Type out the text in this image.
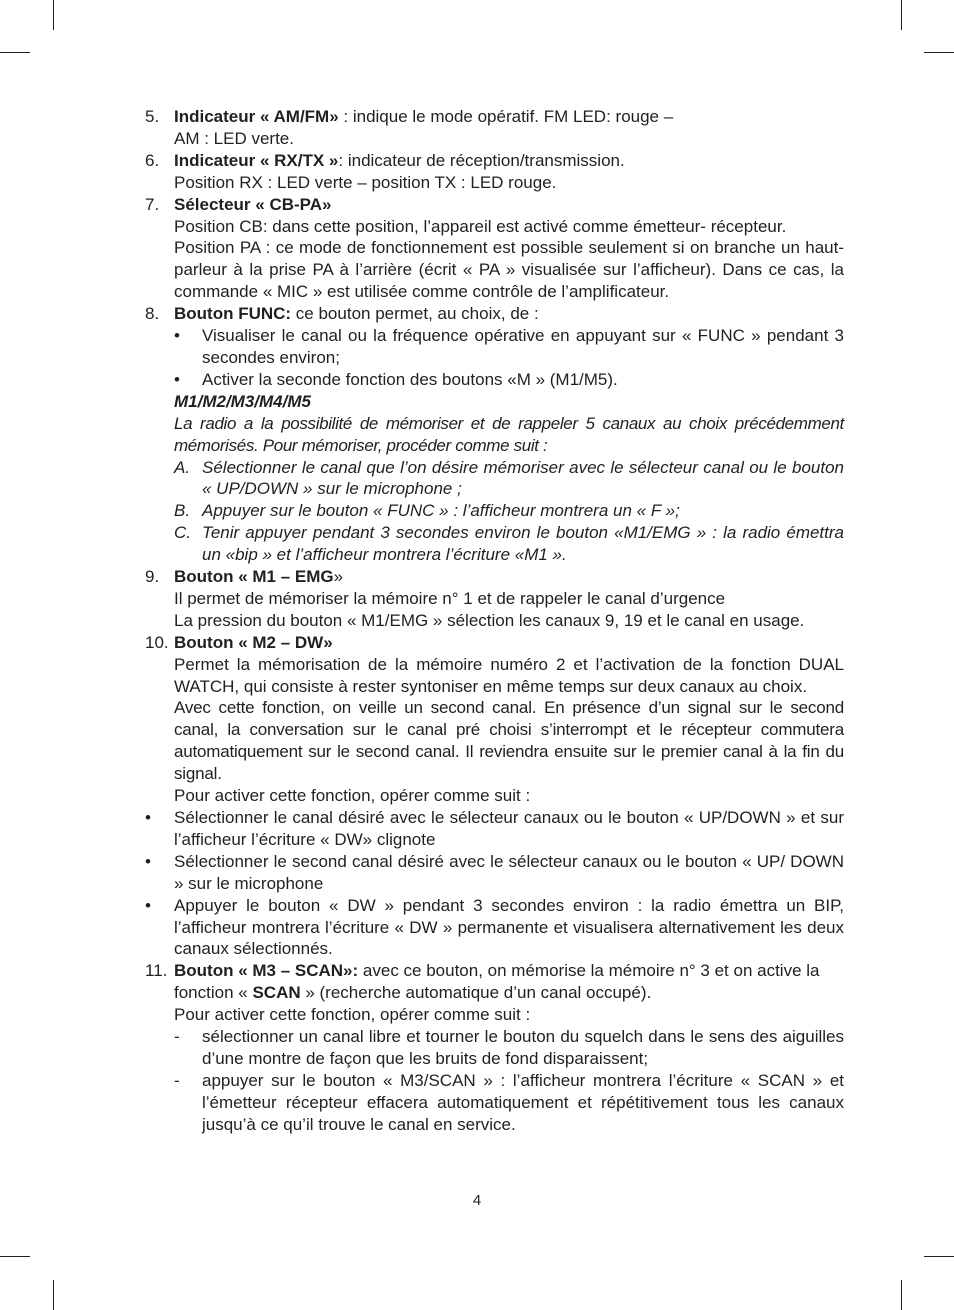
5. Indicateur « AM/FM» : indique le mode opératif. FM LED: rouge –

AM : LED verte.

6. Indicateur « RX/TX »: indicateur de réception/transmission.

Position RX : LED verte – position TX : LED rouge.

7. Sélecteur « CB-PA»

Position CB: dans cette position, l’appareil est activé comme émetteur- récepteur.

Position PA : ce mode de fonctionnement est possible seulement si on branche un haut-parleur à la prise PA à l’arrière (écrit « PA » visualisée sur l’afficheur). Dans ce cas, la commande « MIC » est utilisée comme contrôle de l’amplificateur.

8. Bouton FUNC: ce bouton permet, au choix, de :

• Visualiser le canal ou la fréquence opérative en appuyant sur « FUNC » pendant 3 secondes environ;

• Activer la seconde fonction des boutons «M » (M1/M5).

M1/M2/M3/M4/M5

La radio a la possibilité de mémoriser et de rappeler 5 canaux au choix précédemment mémorisés. Pour mémoriser, procéder comme suit :

A. Sélectionner le canal que l’on désire mémoriser avec le sélecteur canal ou le bouton « UP/DOWN » sur le microphone ;

B. Appuyer sur le bouton « FUNC » : l’afficheur montrera un « F »;

C. Tenir appuyer pendant 3 secondes environ le bouton «M1/EMG » : la radio émettra un «bip » et l’afficheur montrera l’écriture «M1 ».

9. Bouton « M1 – EMG»

Il permet de mémoriser la mémoire n° 1 et de rappeler le canal d’urgence

La pression du bouton « M1/EMG » sélection les canaux 9, 19 et le canal en usage.

10. Bouton « M2 – DW»

Permet la mémorisation de la mémoire numéro 2 et l’activation de la fonction DUAL WATCH, qui consiste à rester syntoniser en même temps sur deux canaux au choix.

Avec cette fonction, on veille un second canal. En présence d’un signal sur le second canal, la conversation sur le canal pré choisi s’interrompt et le récepteur commutera automatiquement sur le second canal. Il reviendra ensuite sur le premier canal à la fin du signal.

Pour activer cette fonction, opérer comme suit :

• Sélectionner le canal désiré avec le sélecteur canaux ou le bouton « UP/DOWN » et sur l’afficheur l’écriture « DW» clignote

• Sélectionner le second canal désiré avec le sélecteur canaux ou le bouton « UP/ DOWN » sur le microphone

• Appuyer le bouton « DW » pendant 3 secondes environ : la radio émettra un BIP, l’afficheur montrera l’écriture « DW » permanente et visualisera alternativement les deux canaux sélectionnés.

11. Bouton « M3 – SCAN»: avec ce bouton, on mémorise la mémoire n° 3 et on active la fonction « SCAN » (recherche automatique d’un canal occupé).

Pour activer cette fonction, opérer comme suit :

- sélectionner un canal libre et tourner le bouton du squelch dans le sens des aiguilles d’une montre de façon que les bruits de fond disparaissent;

- appuyer sur le bouton « M3/SCAN » : l’afficheur montrera l’écriture « SCAN » et l’émetteur récepteur effacera automatiquement et répétitivement tous les canaux jusqu’à ce qu’il trouve le canal en service.

4
